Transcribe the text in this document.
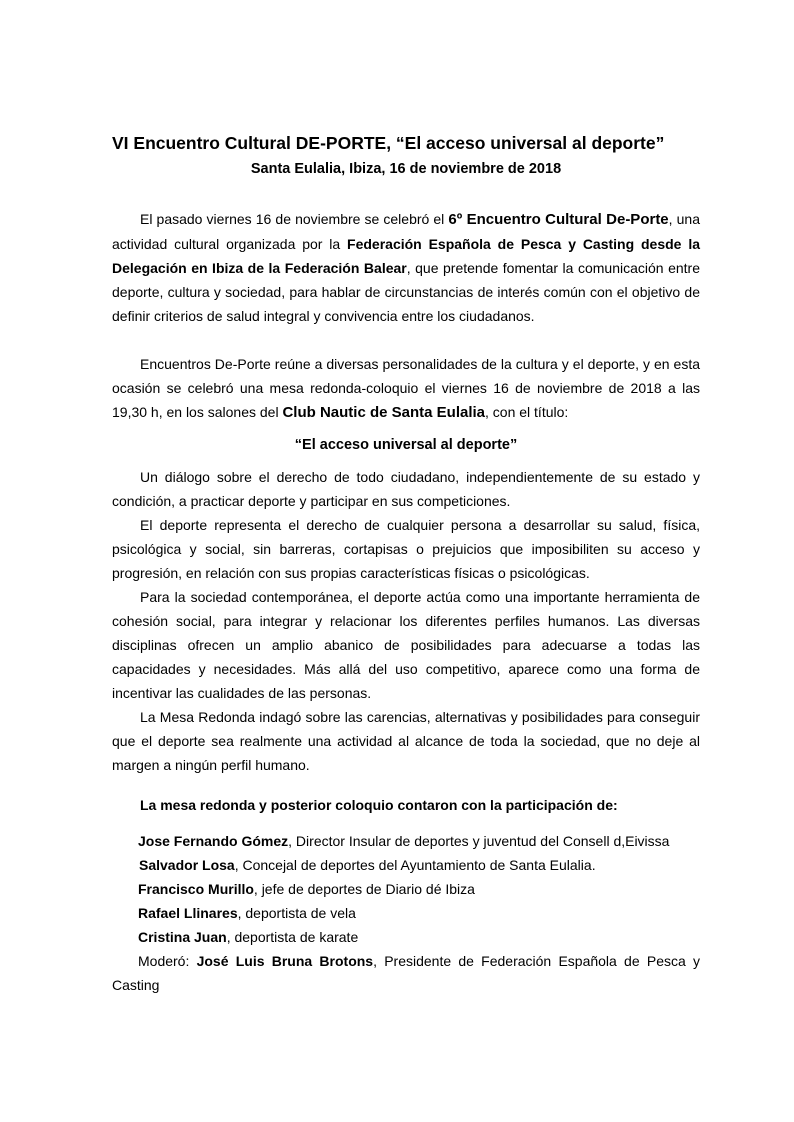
VI Encuentro Cultural DE-PORTE, “El acceso universal al deporte”
Santa Eulalia, Ibiza, 16 de noviembre de 2018

El pasado viernes 16 de noviembre se celebró el 6º Encuentro Cultural De-Porte, una actividad cultural organizada por la Federación Española de Pesca y Casting desde la Delegación en Ibiza de la Federación Balear, que pretende fomentar la comunicación entre deporte, cultura y sociedad, para hablar de circunstancias de interés común con el objetivo de definir criterios de salud integral y convivencia entre los ciudadanos.

Encuentros De-Porte reúne a diversas personalidades de la cultura y el deporte, y en esta ocasión se celebró una mesa redonda-coloquio el viernes 16 de noviembre de 2018 a las 19,30 h, en los salones del Club Nautic de Santa Eulalia, con el título:

“El acceso universal al deporte”

Un diálogo sobre el derecho de todo ciudadano, independientemente de su estado y condición, a practicar deporte y participar en sus competiciones.

El deporte representa el derecho de cualquier persona a desarrollar su salud, física, psicológica y social, sin barreras, cortapisas o prejuicios que imposibiliten su acceso y progresión, en relación con sus propias características físicas o psicológicas.

Para la sociedad contemporánea, el deporte actúa como una importante herramienta de cohesión social, para integrar y relacionar los diferentes perfiles humanos. Las diversas disciplinas ofrecen un amplio abanico de posibilidades para adecuarse a todas las capacidades y necesidades. Más allá del uso competitivo, aparece como una forma de incentivar las cualidades de las personas.

La Mesa Redonda indagó sobre las carencias, alternativas y posibilidades para conseguir que el deporte sea realmente una actividad al alcance de toda la sociedad, que no deje al margen a ningún perfil humano.

La mesa redonda y posterior coloquio contaron con la participación de:
Jose Fernando Gómez, Director Insular de deportes y juventud del Consell d,Eivissa
Salvador Losa, Concejal de deportes del Ayuntamiento de Santa Eulalia.
Francisco Murillo, jefe de deportes de Diario dé Ibiza
Rafael Llinares, deportista de vela
Cristina Juan, deportista de karate
Moderó: José Luis Bruna Brotons, Presidente de Federación Española de Pesca y Casting
